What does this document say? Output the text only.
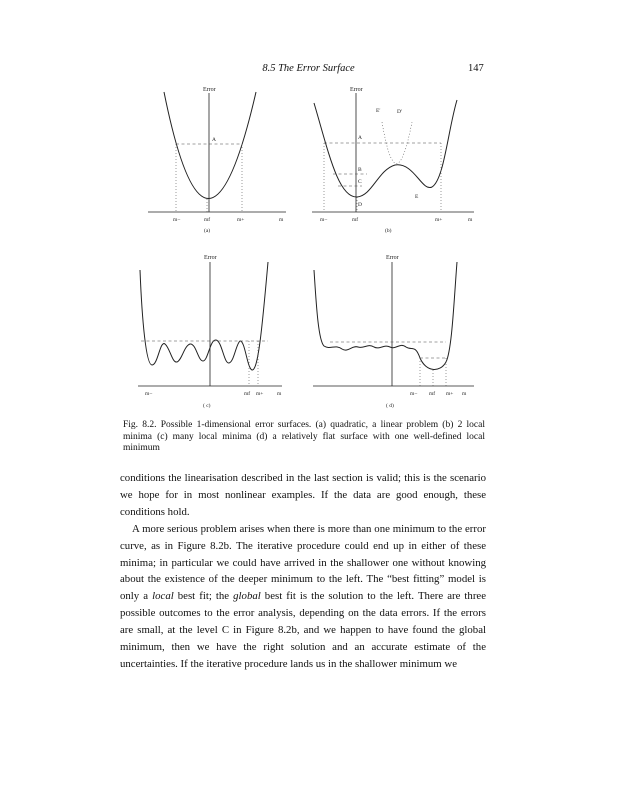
8.5 The Error Surface	147
Error
A
m−	mf	m+	m
(a)
Error
A
B
C
D
E
E'	D'
m−	mf	m+	m
(b)
Error
m−	mf m+ m
( c)
Error
m− mf m+ m
( d)
Fig. 8.2. Possible 1-dimensional error surfaces. (a) quadratic, a linear problem (b) 2 local minima (c) many local minima (d) a relatively flat surface with one well-defined local minimum

conditions the linearisation described in the last section is valid; this is the scenario we hope for in most nonlinear examples. If the data are good enough, these conditions hold.

A more serious problem arises when there is more than one minimum to the error curve, as in Figure 8.2b. The iterative procedure could end up in either of these minima; in particular we could have arrived in the shallower one without knowing about the existence of the deeper minimum to the left. The “best fitting” model is only a local best fit; the global best fit is the solution to the left. There are three possible outcomes to the error analysis, depending on the data errors. If the errors are small, at the level C in Figure 8.2b, and we happen to have found the global minimum, then we have the right solution and an accurate estimate of the uncertainties. If the iterative procedure lands us in the shallower minimum we
